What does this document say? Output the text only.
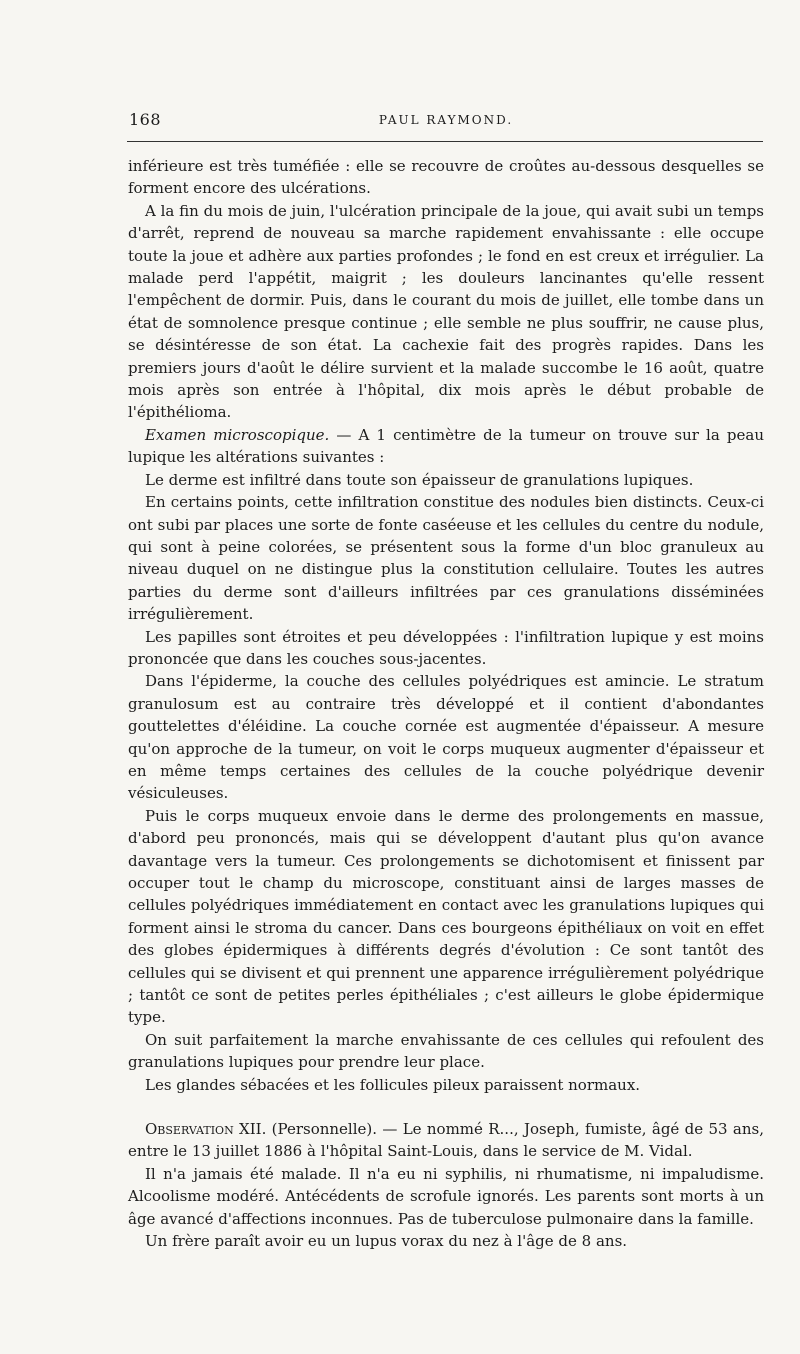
168	PAUL RAYMOND.

inférieure est très tuméfiée : elle se recouvre de croûtes au-dessous desquelles se forment encore des ulcérations.

A la fin du mois de juin, l'ulcération principale de la joue, qui avait subi un temps d'arrêt, reprend de nouveau sa marche rapidement envahissante : elle occupe toute la joue et adhère aux parties profondes ; le fond en est creux et irrégulier. La malade perd l'appétit, maigrit ; les douleurs lancinantes qu'elle ressent l'empêchent de dormir. Puis, dans le courant du mois de juillet, elle tombe dans un état de somnolence presque continue ; elle semble ne plus souffrir, ne cause plus, se désintéresse de son état. La cachexie fait des progrès rapides. Dans les premiers jours d'août le délire survient et la malade succombe le 16 août, quatre mois après son entrée à l'hôpital, dix mois après le début probable de l'épithélioma.

Examen microscopique. — A 1 centimètre de la tumeur on trouve sur la peau lupique les altérations suivantes :

Le derme est infiltré dans toute son épaisseur de granulations lupiques.

En certains points, cette infiltration constitue des nodules bien distincts. Ceux-ci ont subi par places une sorte de fonte caséeuse et les cellules du centre du nodule, qui sont à peine colorées, se présentent sous la forme d'un bloc granuleux au niveau duquel on ne distingue plus la constitution cellulaire. Toutes les autres parties du derme sont d'ailleurs infiltrées par ces granulations disséminées irrégulièrement.

Les papilles sont étroites et peu développées : l'infiltration lupique y est moins prononcée que dans les couches sous-jacentes.

Dans l'épiderme, la couche des cellules polyédriques est amincie. Le stratum granulosum est au contraire très développé et il contient d'abondantes gouttelettes d'éléidine. La couche cornée est augmentée d'épaisseur. A mesure qu'on approche de la tumeur, on voit le corps muqueux augmenter d'épaisseur et en même temps certaines des cellules de la couche polyédrique devenir vésiculeuses.

Puis le corps muqueux envoie dans le derme des prolongements en massue, d'abord peu prononcés, mais qui se développent d'autant plus qu'on avance davantage vers la tumeur. Ces prolongements se dichotomisent et finissent par occuper tout le champ du microscope, constituant ainsi de larges masses de cellules polyédriques immédiatement en contact avec les granulations lupiques qui forment ainsi le stroma du cancer. Dans ces bourgeons épithéliaux on voit en effet des globes épidermiques à différents degrés d'évolution : Ce sont tantôt des cellules qui se divisent et qui prennent une apparence irrégulièrement polyédrique ; tantôt ce sont de petites perles épithéliales ; c'est ailleurs le globe épidermique type.

On suit parfaitement la marche envahissante de ces cellules qui refoulent des granulations lupiques pour prendre leur place.

Les glandes sébacées et les follicules pileux paraissent normaux.

Observation XII. (Personnelle). — Le nommé R..., Joseph, fumiste, âgé de 53 ans, entre le 13 juillet 1886 à l'hôpital Saint-Louis, dans le service de M. Vidal.

Il n'a jamais été malade. Il n'a eu ni syphilis, ni rhumatisme, ni impaludisme. Alcoolisme modéré. Antécédents de scrofule ignorés. Les parents sont morts à un âge avancé d'affections inconnues. Pas de tuberculose pulmonaire dans la famille.

Un frère paraît avoir eu un lupus vorax du nez à l'âge de 8 ans.
